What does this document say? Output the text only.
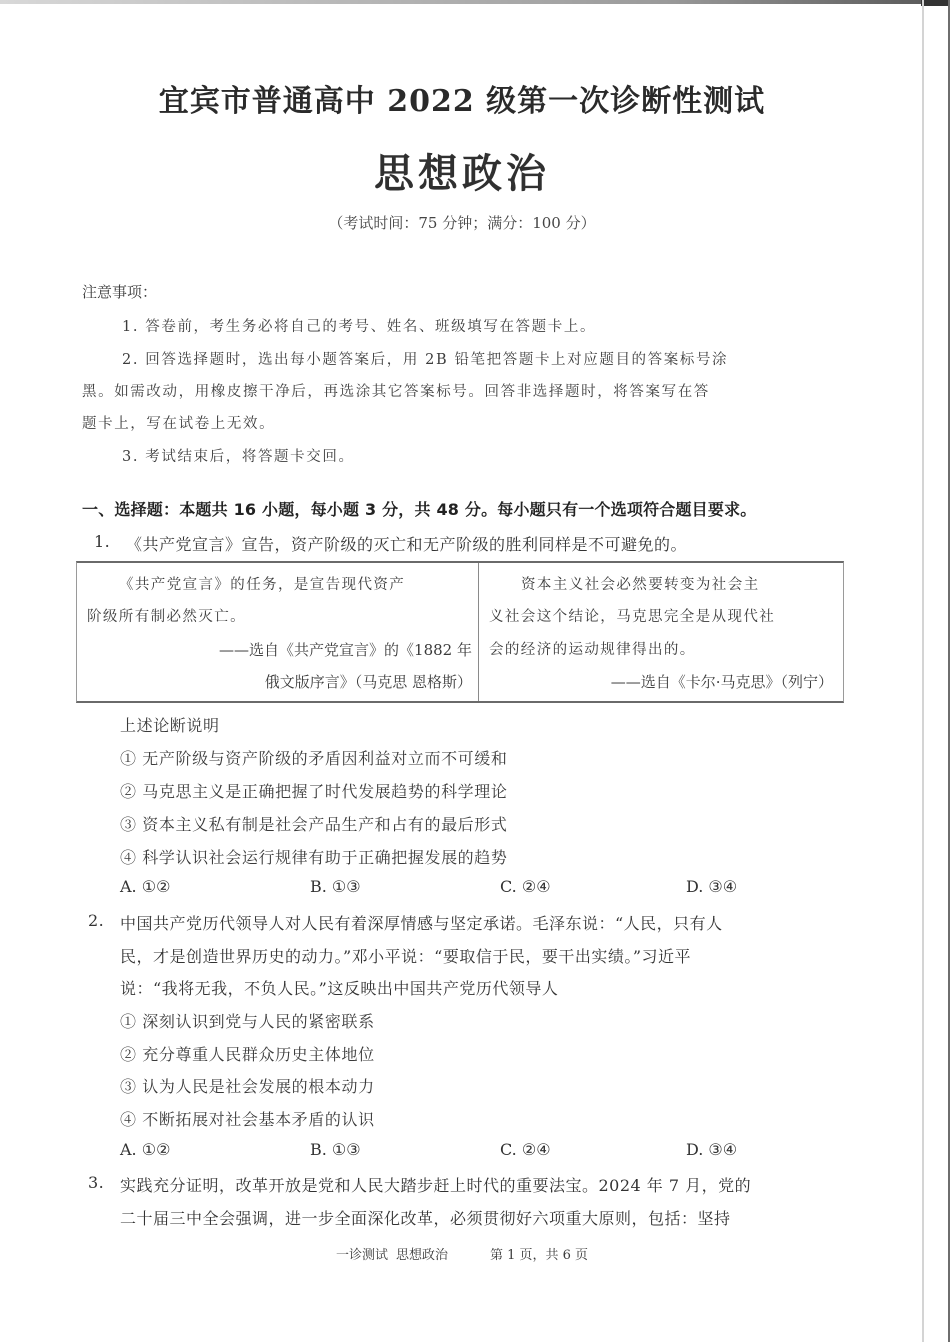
宜宾市普通高中 2022 级第一次诊断性测试
思想政治
（考试时间：75 分钟；满分：100 分）
注意事项：
1. 答卷前，考生务必将自己的考号、姓名、班级填写在答题卡上。
2. 回答选择题时，选出每小题答案后，用 2B 铅笔把答题卡上对应题目的答案标号涂
黑。如需改动，用橡皮擦干净后，再选涂其它答案标号。回答非选择题时，将答案写在答
题卡上，写在试卷上无效。
3. 考试结束后，将答题卡交回。
一、选择题：本题共 16 小题，每小题 3 分，共 48 分。每小题只有一个选项符合题目要求。
1. 《共产党宣言》宣告，资产阶级的灭亡和无产阶级的胜利同样是不可避免的。
《共产党宣言》的任务，是宣告现代资产
阶级所有制必然灭亡。
——选自《共产党宣言》的《1882 年
俄文版序言》（马克思 恩格斯）
资本主义社会必然要转变为社会主
义社会这个结论，马克思完全是从现代社
会的经济的运动规律得出的。
——选自《卡尔·马克思》（列宁）
上述论断说明
① 无产阶级与资产阶级的矛盾因利益对立而不可缓和
② 马克思主义是正确把握了时代发展趋势的科学理论
③ 资本主义私有制是社会产品生产和占有的最后形式
④ 科学认识社会运行规律有助于正确把握发展的趋势
A. ①②	B. ①③	C. ②④	D. ③④
2. 中国共产党历代领导人对人民有着深厚情感与坚定承诺。毛泽东说：“人民，只有人
民，才是创造世界历史的动力。”邓小平说：“要取信于民，要干出实绩。”习近平
说：“我将无我，不负人民。”这反映出中国共产党历代领导人
① 深刻认识到党与人民的紧密联系
② 充分尊重人民群众历史主体地位
③ 认为人民是社会发展的根本动力
④ 不断拓展对社会基本矛盾的认识
A. ①②	B. ①③	C. ②④	D. ③④
3. 实践充分证明，改革开放是党和人民大踏步赶上时代的重要法宝。2024 年 7 月，党的
二十届三中全会强调，进一步全面深化改革，必须贯彻好六项重大原则，包括：坚持
一诊测试 思想政治	第 1 页，共 6 页
